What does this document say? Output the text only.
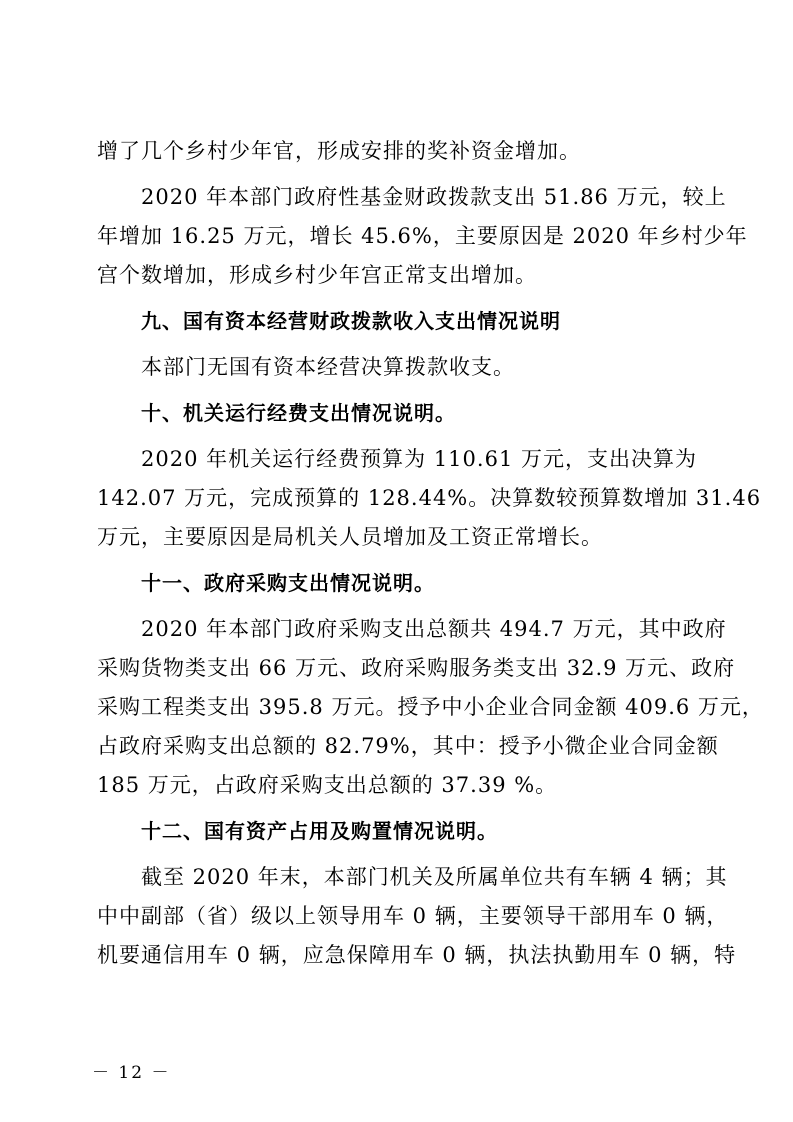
增了几个乡村少年官，形成安排的奖补资金增加。
2020 年本部门政府性基金财政拨款支出 51.86 万元，较上
年增加 16.25 万元，增长 45.6%，主要原因是 2020 年乡村少年
宫个数增加，形成乡村少年宫正常支出增加。
九、国有资本经营财政拨款收入支出情况说明
本部门无国有资本经营决算拨款收支。
十、机关运行经费支出情况说明。
2020 年机关运行经费预算为 110.61 万元，支出决算为
142.07 万元，完成预算的 128.44%。决算数较预算数增加 31.46
万元，主要原因是局机关人员增加及工资正常增长。
十一、政府采购支出情况说明。
2020 年本部门政府采购支出总额共 494.7 万元，其中政府
采购货物类支出 66 万元、政府采购服务类支出 32.9 万元、政府
采购工程类支出 395.8 万元。授予中小企业合同金额 409.6 万元，
占政府采购支出总额的 82.79%，其中：授予小微企业合同金额
185 万元，占政府采购支出总额的 37.39 %。
十二、国有资产占用及购置情况说明。
截至 2020 年末，本部门机关及所属单位共有车辆 4 辆；其
中中副部（省）级以上领导用车 0 辆，主要领导干部用车 0 辆，
机要通信用车 0 辆，应急保障用车 0 辆，执法执勤用车 0 辆，特
－ 12 －
